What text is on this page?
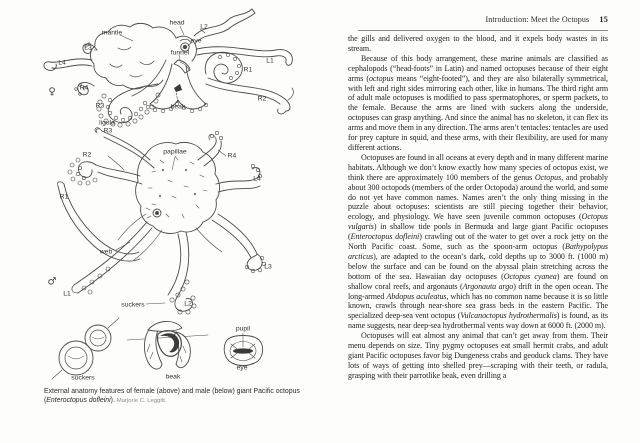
♀
♂
mantle
head
L2
eye
L3
funnel
L4	L1
R1
R4
R3	beak
R2
ligula
R3
R2	papillae
R4
L4
R1
web
L3
L1
suckers	L2
suckers	beak
pupil
eye
External anatomy features of female (above) and male (below) giant Pacific octopus (Enteroctopus dofleini). Marjorie C. Leggitt.
Introduction: Meet the Octopus 15

the gills and delivered oxygen to the blood, and it expels body wastes in its stream.

Because of this body arrangement, these marine animals are classified as cephalopods (“head-foots” in Latin) and named octopuses because of their eight arms (octopus means “eight-footed”), and they are also bilaterally symmetrical, with left and right sides mirroring each other, like in humans. The third right arm of adult male octopuses is modified to pass spermatophores, or sperm packets, to the female. Because the arms are lined with suckers along the underside, octopuses can grasp anything. And since the animal has no skeleton, it can flex its arms and move them in any direction. The arms aren’t tentacles: tentacles are used for prey capture in squid, and these arms, with their flexibility, are used for many different actions.

Octopuses are found in all oceans at every depth and in many different marine habitats. Although we don’t know exactly how many species of octopus exist, we think there are approximately 100 members of the genus Octopus, and probably about 300 octopods (members of the order Octopoda) around the world, and some do not yet have common names. Names aren’t the only thing missing in the puzzle about octopuses: scientists are still piecing together their behavior, ecology, and physiology. We have seen juvenile common octopuses (Octopus vulgaris) in shallow tide pools in Bermuda and large giant Pacific octopuses (Enteroctopus dofleini) crawling out of the water to get over a rock jetty on the North Pacific coast. Some, such as the spoon-arm octopus (Bathypolypus arcticus), are adapted to the ocean’s dark, cold depths up to 3000 ft. (1000 m) below the surface and can be found on the abyssal plain stretching across the bottom of the sea. Hawaiian day octopuses (Octopus cyanea) are found on shallow coral reefs, and argonauts (Argonauta argo) drift in the open ocean. The long-armed Abdopus aculeatus, which has no common name because it is so little known, crawls through near-shore sea grass beds in the eastern Pacific. The specialized deep-sea vent octopus (Vulcanoctopus hydrothermalis) is found, as its name suggests, near deep-sea hydrothermal vents way down at 6000 ft. (2000 m).

Octopuses will eat almost any animal that can’t get away from them. Their menu depends on size. Tiny pygmy octopuses eat small hermit crabs, and adult giant Pacific octopuses favor big Dungeness crabs and geoduck clams. They have lots of ways of getting into shelled prey—scraping with their teeth, or radula, grasping with their parrotlike beak, even drilling a
